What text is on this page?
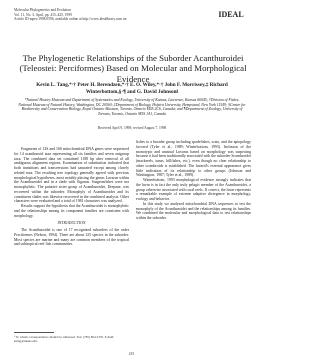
Molecular Phylogenetics and Evolution
Vol. 11, No. 3, April, pp. 415–425, 1999
Article ID mpev.1998.0596, available online at http://www.idealibrary.com on
IDEAL
The Phylogenetic Relationships of the Suborder Acanthuroidei (Teleostei: Perciformes) Based on Molecular and Morphological Evidence
Kevin L. Tang,*·† Peter H. Berendzen,*·† E. O. Wiley,*·† John F. Morrissey,‡ Richard Winterbottom,§·¶ and G. David Johnson‖
*Natural History Museum and Department of Systematics and Ecology, University of Kansas, Lawrence, Kansas 66045; †Division of Fishes, National Museum of Natural History, Washington, DC 20560; ‡Department of Biology, Hofstra University, Hempstead, New York 11549; §Centre for Biodiversity and Conservation Biology, Royal Ontario Museum, Toronto, Ontario M5S 2C6, Canada; and ¶Department of Zoology, University of Toronto, Toronto, Ontario M5S 1A1, Canada
Received April 9, 1998; revised August 7, 1998

Fragments of 12S and 16S mitochondrial DNA genes were sequenced for 14 acanthuroid taxa representing all six families and seven outgroup taxa. The combined data set contained 1188 bp after removal of all ambiguous alignment regions. Examination of substitution indicated that both transitions and transversions had saturated except among closely related taxa. The resulting tree topology generally agreed with previous morphological hypotheses, most notably placing the genus Luvarus within the Acanthuroidei and in a clade with Siganus. Surgeonfishes were not monophyletic. The putative sister group of Acanthuroidei, Drepane, was recovered within the suborder. Monophyly of Acanthuroidei and its constituent clades was likewise recovered in the combined analysis. Other characters were evaluated and a total of 1981 characters was analyzed.

Results support the hypothesis that the Acanthuroidei is monophyletic and the relationships among its component families are consistent with morphology.

INTRODUCTION

The Acanthuroidei is one of 17 recognized suborders of the order Perciformes (Nelson, 1994). There are about 125 species in the suborder. Most species are marine and many are common members of the tropical and subtropical reef fish communities.

fishes to a broader group including spadefishes, scats, and the aptopology favored (Tyler et al., 1989; Winterbottom, 1993). Inclusion of the monotypic and unusual Luvarus based on morphology was surprising because it had been traditionally associated with the suborder Scombroidei (mackerels, tunas, billfishes, etc.), even though no clear relationship to other scombroids is established. The luvarid's external appearance gives little indication of its relationship to other groups (Johnson and Washington, 1987; Tyler et al., 1989).

Winterbottom, 1993 morphological evidence strongly indicates that the luvar is in fact the only truly pelagic member of the Acanthuroidei, a group otherwise associated with coral reefs. If correct, the luvar represents a remarkable example of extreme adaptive divergence in morphology, ecology and behavior.

In this study we analyzed mitochondrial DNA sequences to test the monophyly of the Acanthuroidei and the relationships among its families. We combined the molecular and morphological data to test relationships within the suborder.

¹ To whom correspondence should be addressed. Fax: (785) 864-5335. E-mail: ktang@ukans.edu.
415
